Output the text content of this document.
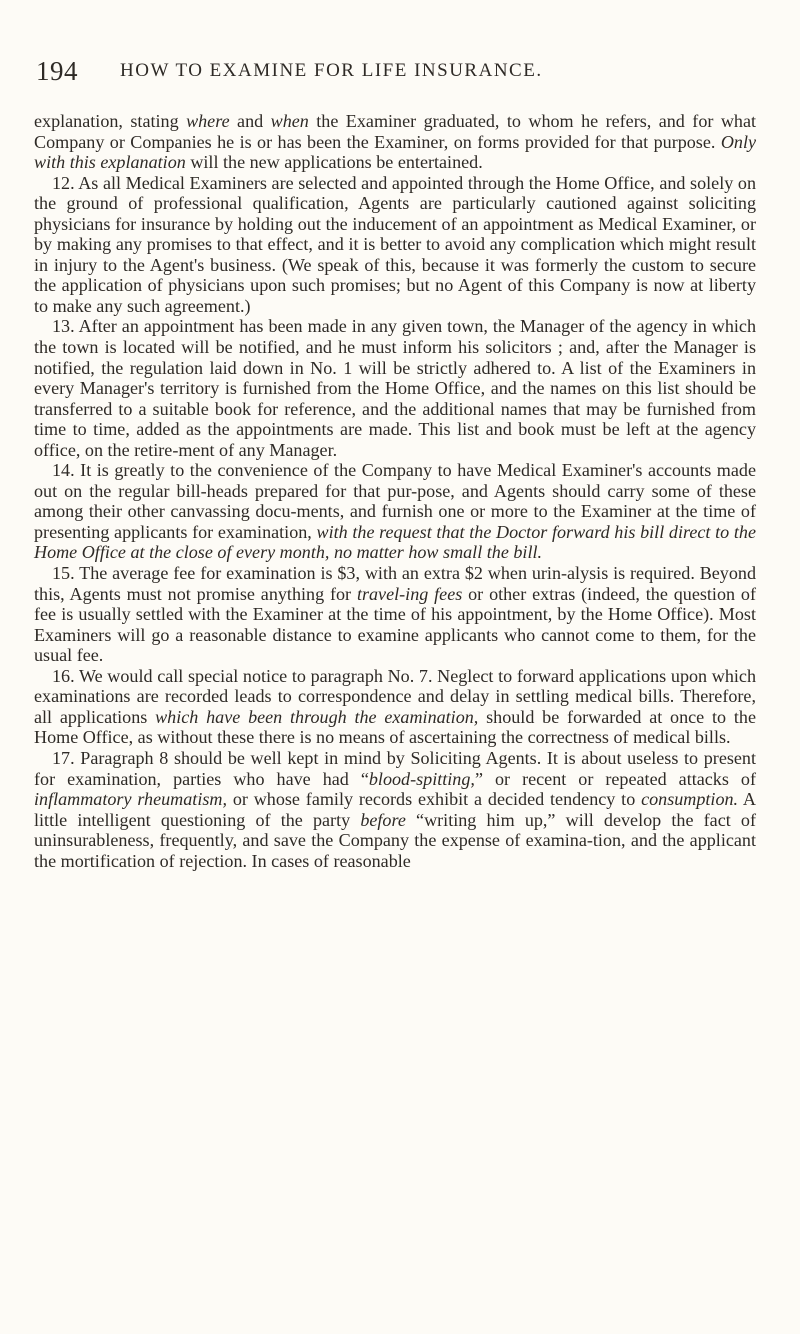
194 HOW TO EXAMINE FOR LIFE INSURANCE.

explanation, stating where and when the Examiner graduated, to whom he refers, and for what Company or Companies he is or has been the Examiner, on forms provided for that purpose. Only with this explanation will the new applications be entertained.

12. As all Medical Examiners are selected and appointed through the Home Office, and solely on the ground of professional qualification, Agents are particularly cautioned against soliciting physicians for insurance by holding out the inducement of an appointment as Medical Examiner, or by making any promises to that effect, and it is better to avoid any complication which might result in injury to the Agent's business. (We speak of this, because it was formerly the custom to secure the application of physicians upon such promises; but no Agent of this Company is now at liberty to make any such agreement.)

13. After an appointment has been made in any given town, the Manager of the agency in which the town is located will be notified, and he must inform his solicitors ; and, after the Manager is notified, the regulation laid down in No. 1 will be strictly adhered to. A list of the Examiners in every Manager's territory is furnished from the Home Office, and the names on this list should be transferred to a suitable book for reference, and the additional names that may be furnished from time to time, added as the appointments are made. This list and book must be left at the agency office, on the retire-ment of any Manager.

14. It is greatly to the convenience of the Company to have Medical Examiner's accounts made out on the regular bill-heads prepared for that pur-pose, and Agents should carry some of these among their other canvassing docu-ments, and furnish one or more to the Examiner at the time of presenting applicants for examination, with the request that the Doctor forward his bill direct to the Home Office at the close of every month, no matter how small the bill.

15. The average fee for examination is $3, with an extra $2 when urin-alysis is required. Beyond this, Agents must not promise anything for travel-ing fees or other extras (indeed, the question of fee is usually settled with the Examiner at the time of his appointment, by the Home Office). Most Examiners will go a reasonable distance to examine applicants who cannot come to them, for the usual fee.

16. We would call special notice to paragraph No. 7. Neglect to forward applications upon which examinations are recorded leads to correspondence and delay in settling medical bills. Therefore, all applications which have been through the examination, should be forwarded at once to the Home Office, as without these there is no means of ascertaining the correctness of medical bills.

17. Paragraph 8 should be well kept in mind by Soliciting Agents. It is about useless to present for examination, parties who have had “blood-spitting,” or recent or repeated attacks of inflammatory rheumatism, or whose family records exhibit a decided tendency to consumption. A little intelligent questioning of the party before “writing him up,” will develop the fact of uninsurableness, frequently, and save the Company the expense of examina-tion, and the applicant the mortification of rejection. In cases of reasonable
